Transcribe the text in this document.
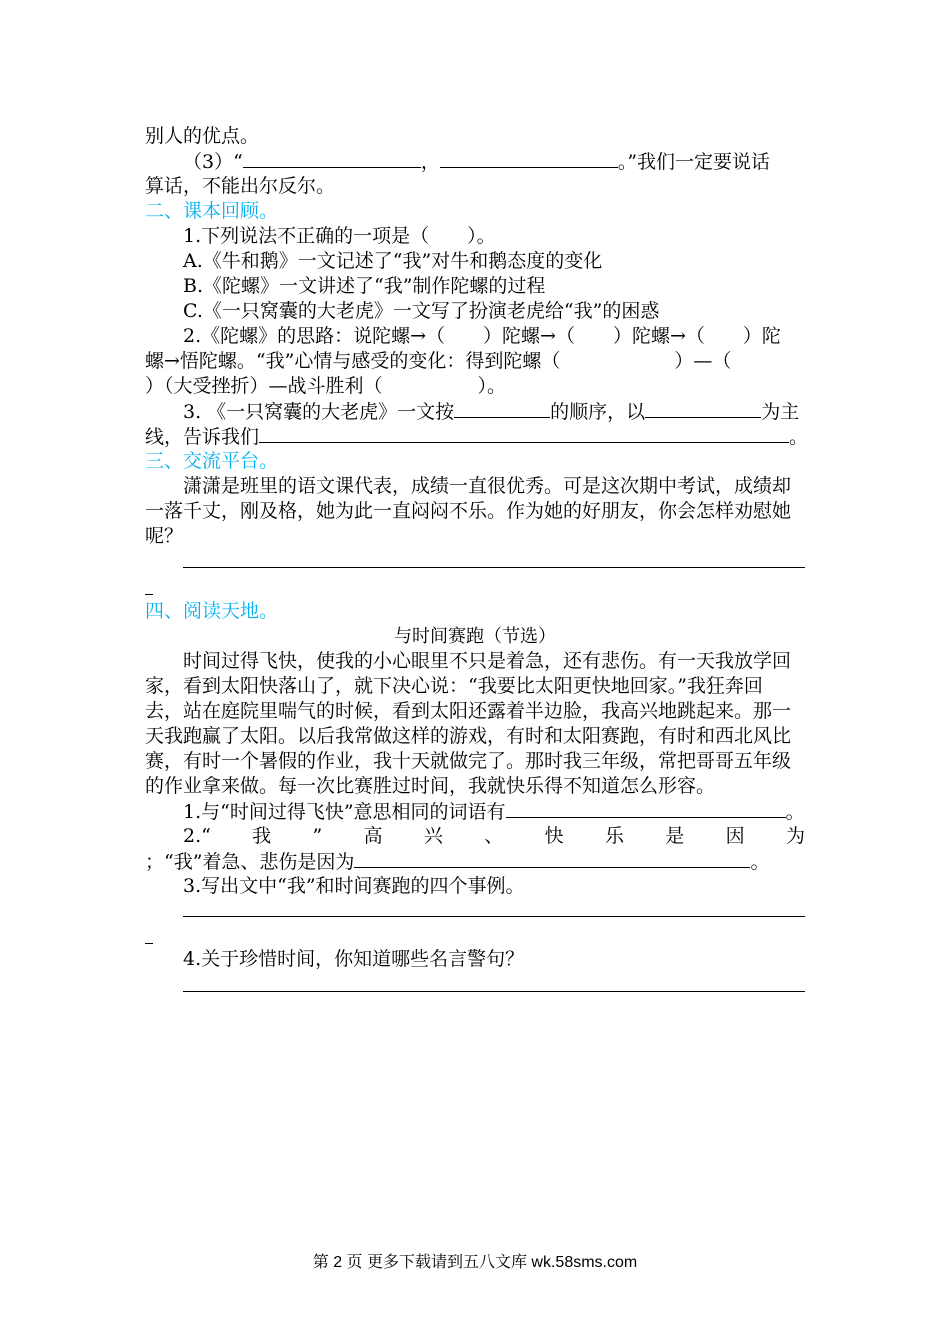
别人的优点。
（3）“	，	。”我们一定要说话
算话，不能出尔反尔。
二、课本回顾。
1.下列说法不正确的一项是（　　）。
A.《牛和鹅》一文记述了“我”对牛和鹅态度的变化
B.《陀螺》一文讲述了“我”制作陀螺的过程
C.《一只窝囊的大老虎》一文写了扮演老虎给“我”的困惑
2.《陀螺》的思路：说陀螺→（　　）陀螺→（　　）陀螺→（　　）陀
螺→悟陀螺。“我”心情与感受的变化：得到陀螺（　　　　　　）—（
）（大受挫折）—战斗胜利（　　　　　）。
3. 《一只窝囊的大老虎》一文按	的顺序，以	为主
线，告诉我们	。
三、交流平台。
潇潇是班里的语文课代表，成绩一直很优秀。可是这次期中考试，成绩却
一落千丈，刚及格，她为此一直闷闷不乐。作为她的好朋友，你会怎样劝慰她
呢？
四、阅读天地。
与时间赛跑（节选）
时间过得飞快，使我的小心眼里不只是着急，还有悲伤。有一天我放学回
家，看到太阳快落山了，就下决心说：“我要比太阳更快地回家。”我狂奔回
去，站在庭院里喘气的时候，看到太阳还露着半边脸，我高兴地跳起来。那一
天我跑赢了太阳。以后我常做这样的游戏，有时和太阳赛跑，有时和西北风比
赛，有时一个暑假的作业，我十天就做完了。那时我三年级，常把哥哥五年级
的作业拿来做。每一次比赛胜过时间，我就快乐得不知道怎么形容。
1.与“时间过得飞快”意思相同的词语有	。
2.“ 我 ” 高 兴 、 快 乐 是 因 为
；“我”着急、悲伤是因为	。
3.写出文中“我”和时间赛跑的四个事例。
4.关于珍惜时间，你知道哪些名言警句？
第 2 页 更多下载请到五八文库 wk.58sms.com
